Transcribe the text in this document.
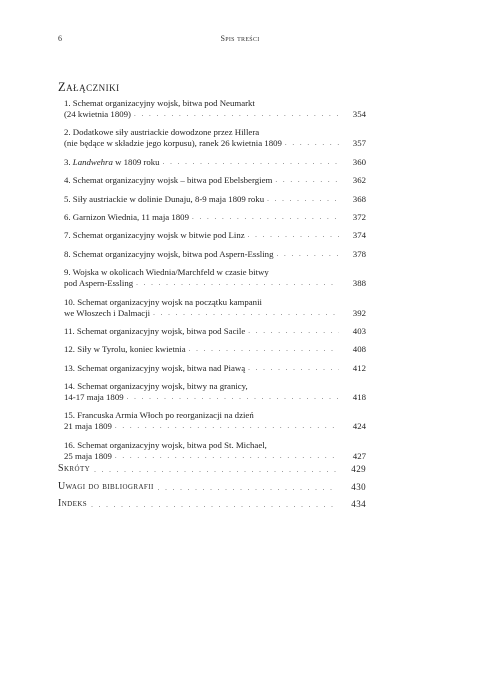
6	Spis treści
Załączniki
1. Schemat organizacyjny wojsk, bitwa pod Neumarkt
(24 kwietnia 1809) . . .	354
2. Dodatkowe siły austriackie dowodzone przez Hillera
(nie będące w składzie jego korpusu), ranek 26 kwietnia 1809 . . .	357
3. Landwehra w 1809 roku . . .	360
4. Schemat organizacyjny wojsk – bitwa pod Ebelsbergiem . . .	362
5. Siły austriackie w dolinie Dunaju, 8-9 maja 1809 roku . . .	368
6. Garnizon Wiednia, 11 maja 1809 . . .	372
7. Schemat organizacyjny wojsk w bitwie pod Linz . . .	374
8. Schemat organizacyjny wojsk, bitwa pod Aspern-Essling . . .	378
9. Wojska w okolicach Wiednia/Marchfeld w czasie bitwy
pod Aspern-Essling . . .	388
10. Schemat organizacyjny wojsk na początku kampanii
we Włoszech i Dalmacji . . .	392
11. Schemat organizacyjny wojsk, bitwa pod Sacile . . .	403
12. Siły w Tyrolu, koniec kwietnia . . .	408
13. Schemat organizacyjny wojsk, bitwa nad Piawą . . .	412
14. Schemat organizacyjny wojsk, bitwy na granicy,
14-17 maja 1809 . . .	418
15. Francuska Armia Włoch po reorganizacji na dzień
21 maja 1809 . . .	424
16. Schemat organizacyjny wojsk, bitwa pod St. Michael,
25 maja 1809 . . .	427
Skróty . . .	429
Uwagi do bibliografii . . .	430
Indeks . . .	434
